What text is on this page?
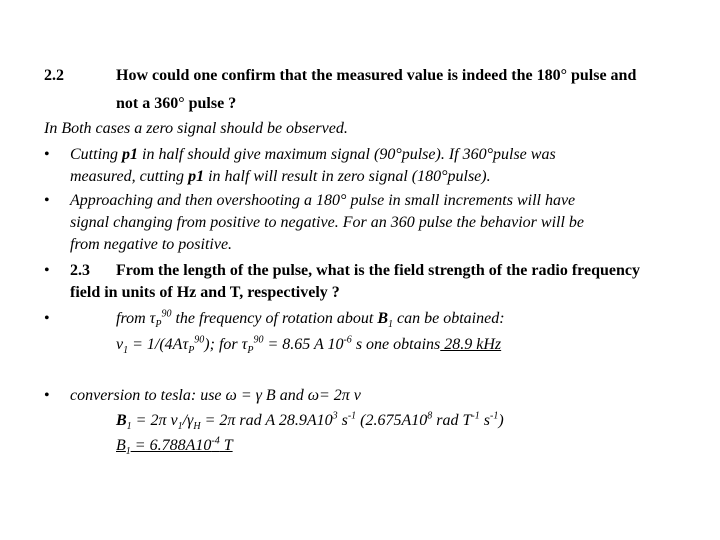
2.2	How could one confirm that the measured value is indeed the 180° pulse and
not a 360° pulse ?
In Both cases a zero signal should be observed.
• Cutting p1 in half should give maximum signal (90°pulse). If 360°pulse was
measured, cutting p1 in half will result in zero signal (180°pulse).
• Approaching and then overshooting a 180° pulse in small increments will have
signal changing from positive to negative. For an 360 pulse the behavior will be
from negative to positive.
• 2.3 From the length of the pulse, what is the field strength of the radio frequency
field in units of Hz and T, respectively ?
•	from $\tau_P^{90}$ the frequency of rotation about $B_1$ can be obtained:
$\nu_1 = 1/(4A\tau_P^{90})$; for $\tau_P^{90} = 8.65$ A $10^{-6}$ s one obtains 28.9 kHz
• conversion to tesla: use ω = γ B and ω= 2π ν
$B_1 = 2\pi$ $\nu_1/\gamma_H = 2\pi$ rad A $28.9A10^3$ $s^{-1}$ ($2.675A10^8$ rad $T^{-1}$ $s^{-1}$)
$B_1 = 6.788A10^{-4}$ T
